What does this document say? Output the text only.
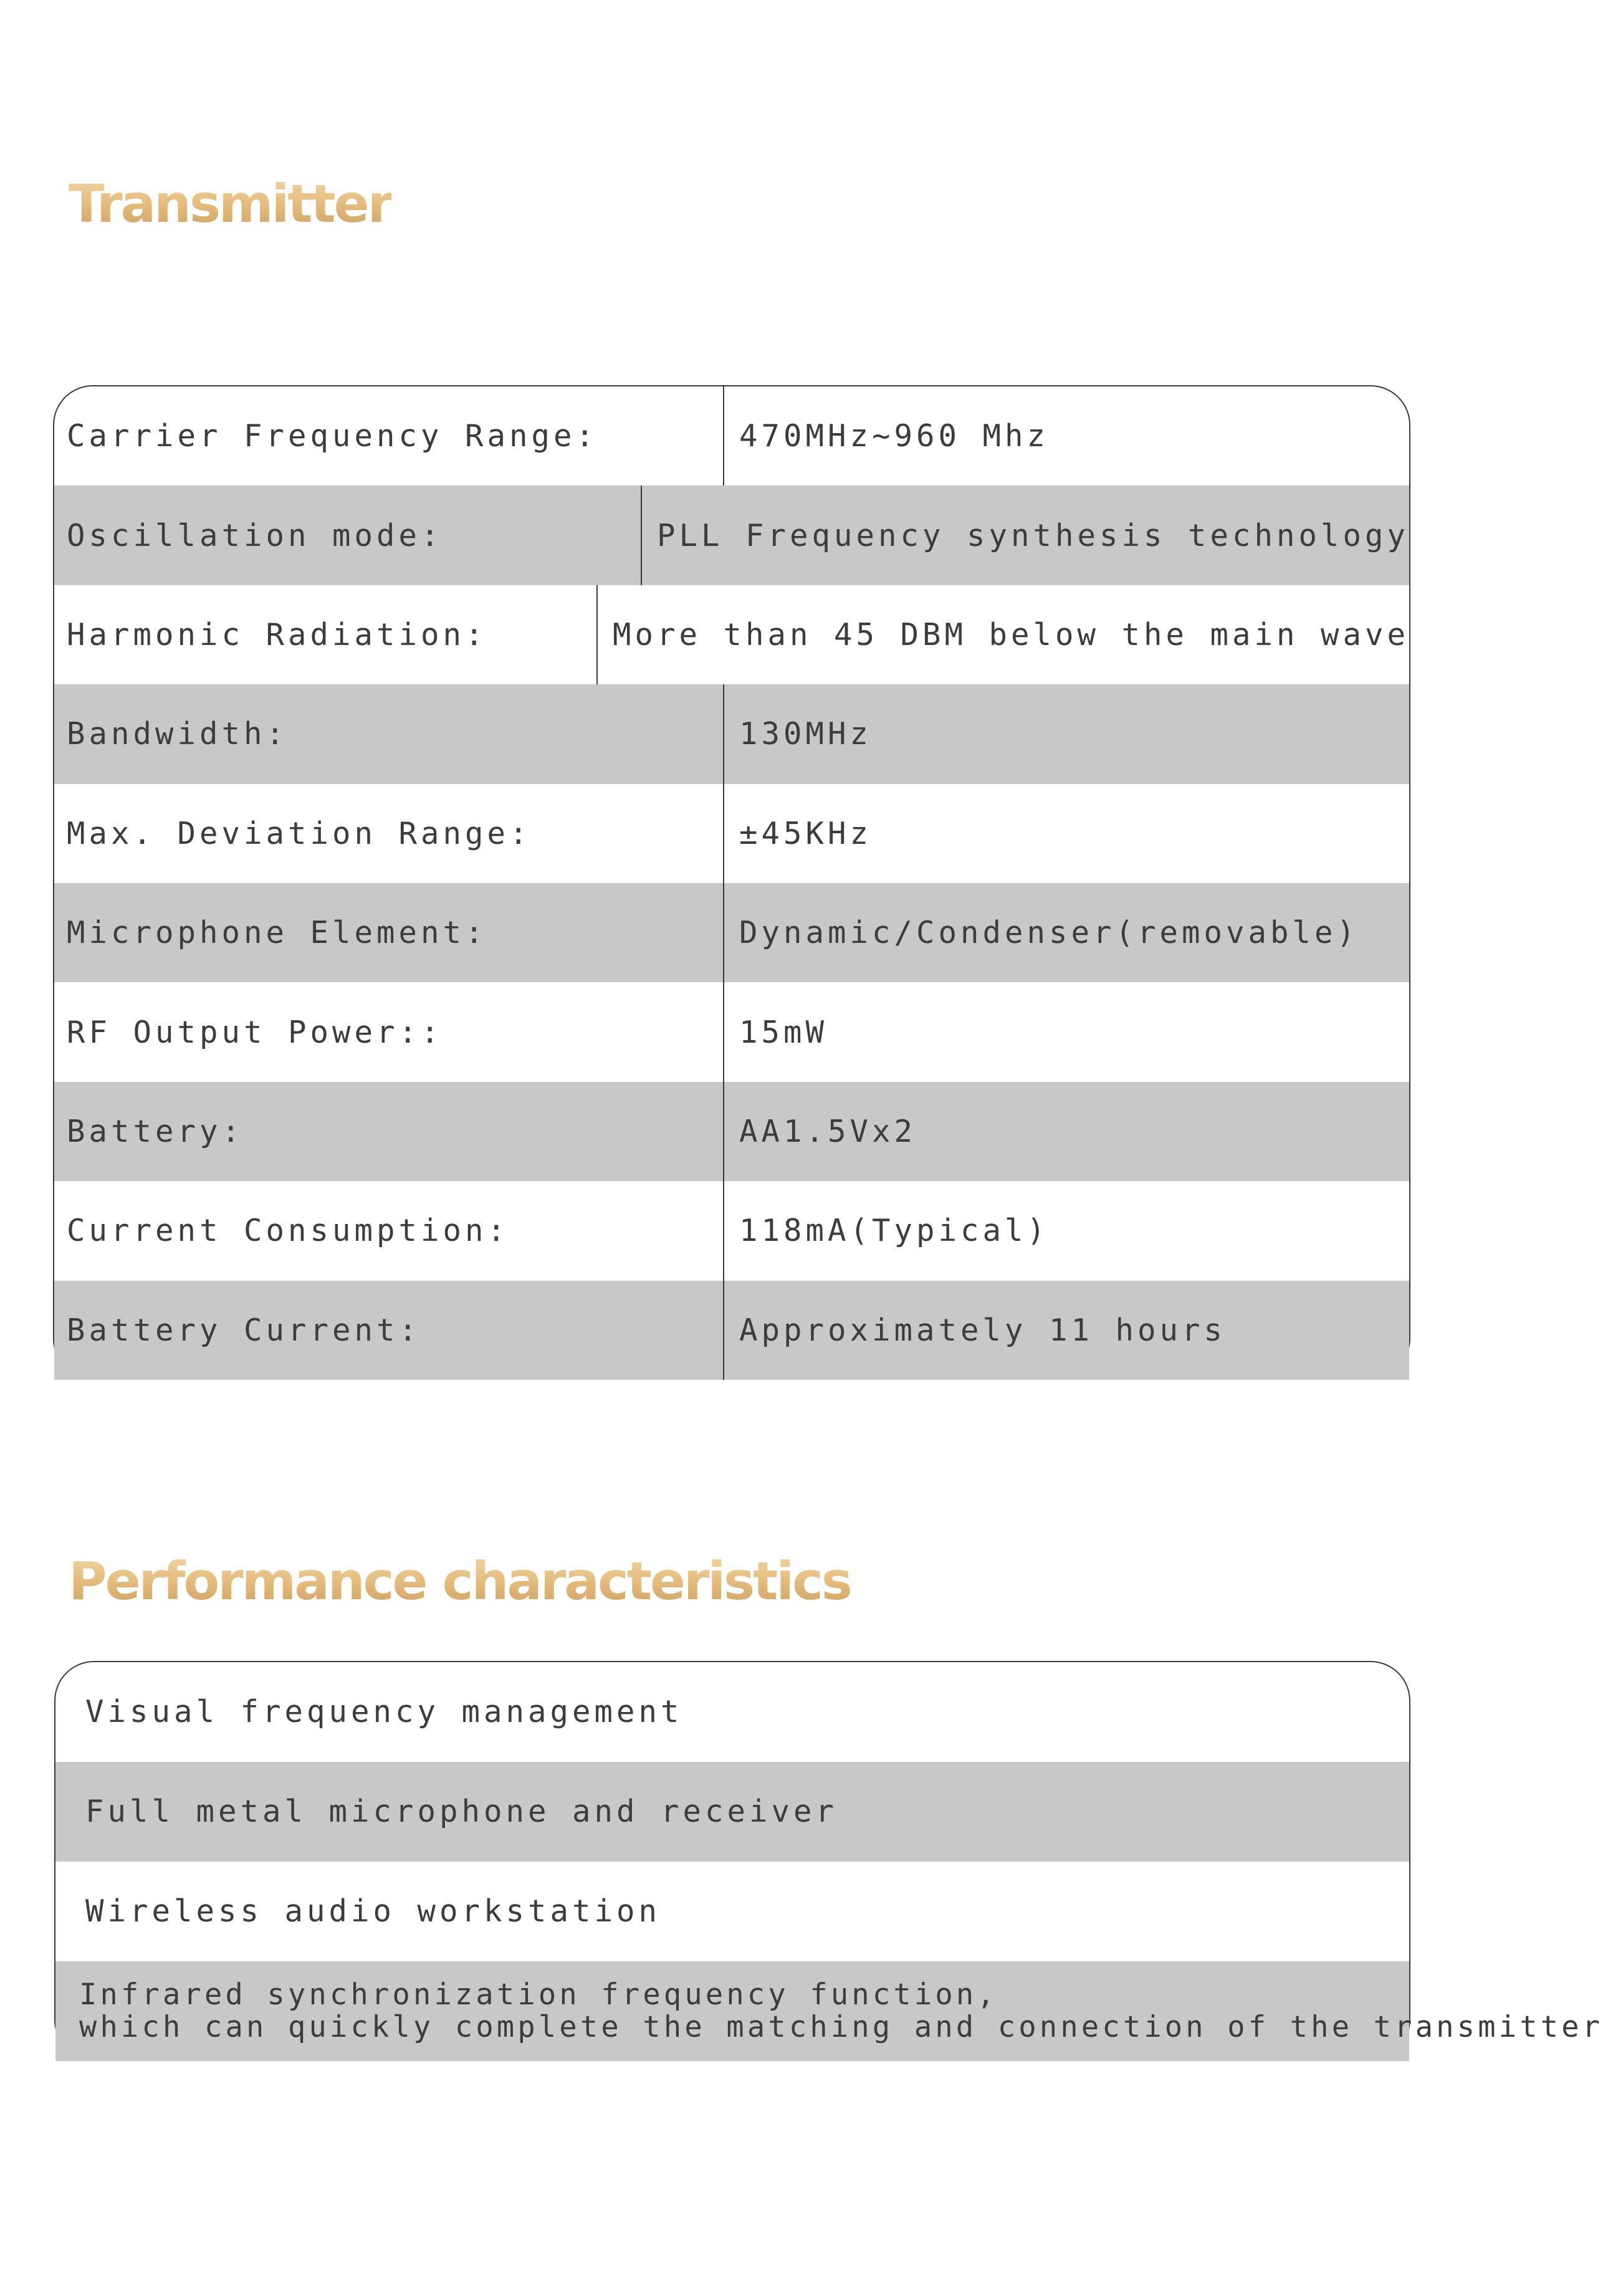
Transmitter
Carrier Frequency Range:	470MHz~960 Mhz
Oscillation mode:	PLL Frequency synthesis technology
Harmonic Radiation:	More than 45 DBM below the main wave
Bandwidth:	130MHz
Max. Deviation Range:	±45KHz
Microphone Element:	Dynamic/Condenser(removable)
RF Output Power::	15mW
Battery:	AA1.5Vx2
Current Consumption:	118mA(Typical)
Battery Current:	Approximately 11 hours
Performance characteristics
Visual frequency management
Full metal microphone and receiver
Wireless audio workstation
Infrared synchronization frequency function,
which can quickly complete the matching and connection of the transmitter
